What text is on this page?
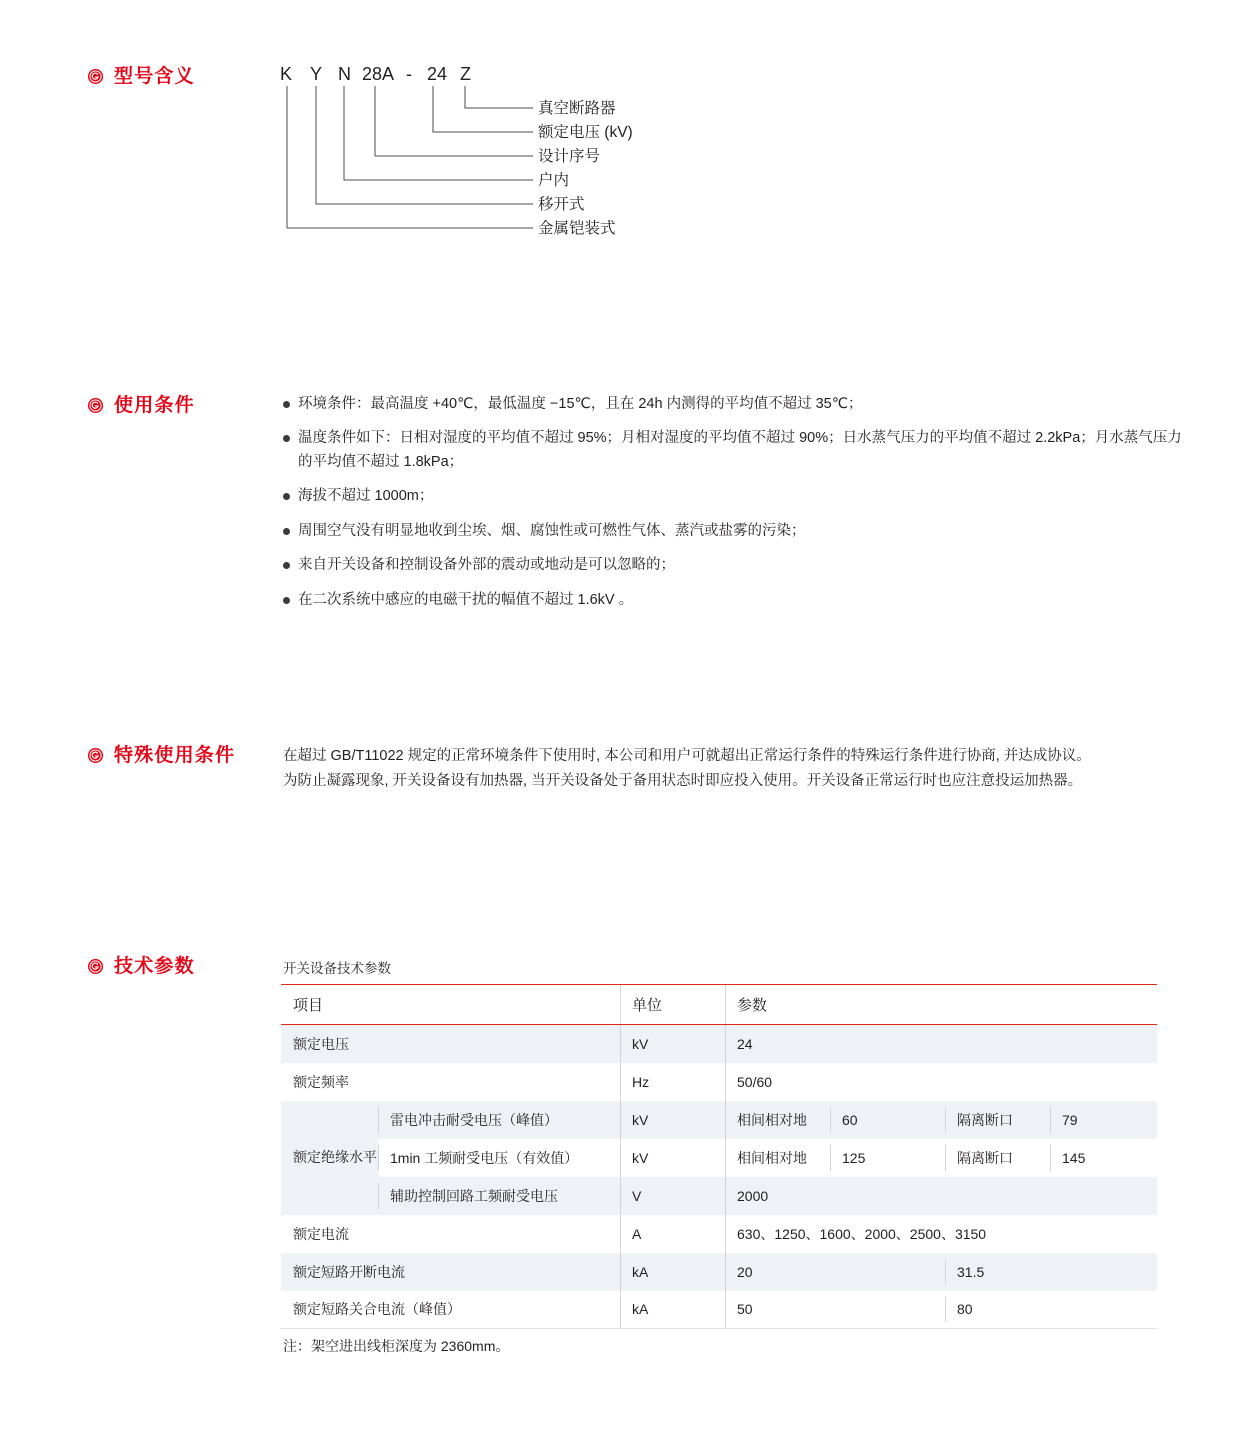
型号含义	K Y N 28A - 24 Z
真空断路器
额定电压 (kV)
设计序号
户内
移开式
金属铠装式
使用条件	环境条件：最高温度 +40℃，最低温度 −15℃，且在 24h 内测得的平均值不超过 35℃；
温度条件如下：日相对湿度的平均值不超过 95%；月相对湿度的平均值不超过 90%；日水蒸气压力的平均值不超过 2.2kPa；月水蒸气压力的平均值不超过 1.8kPa；
海拔不超过 1000m；
周围空气没有明显地收到尘埃、烟、腐蚀性或可燃性气体、蒸汽或盐雾的污染；
来自开关设备和控制设备外部的震动或地动是可以忽略的；
在二次系统中感应的电磁干扰的幅值不超过 1.6kV 。
特殊使用条件	在超过 GB/T11022 规定的正常环境条件下使用时, 本公司和用户可就超出正常运行条件的特殊运行条件进行协商, 并达成协议。

为防止凝露现象, 开关设备设有加热器, 当开关设备处于备用状态时即应投入使用。开关设备正常运行时也应注意投运加热器。

技术参数	开关设备技术参数
项目		单位	参数			
额定电压		kV	24			
额定频率		Hz	50/60			
额定绝缘水平	雷电冲击耐受电压（峰值）	kV	相间相对地	60	隔离断口	79
	1min 工频耐受电压（有效值）	kV	相间相对地	125	隔离断口	145
	辅助控制回路工频耐受电压	V	2000			
额定电流		A	630、1250、1600、2000、2500、3150			
额定短路开断电流		kA	20		31.5	
额定短路关合电流（峰值）		kA	50		80	

注：架空进出线柜深度为 2360mm。
